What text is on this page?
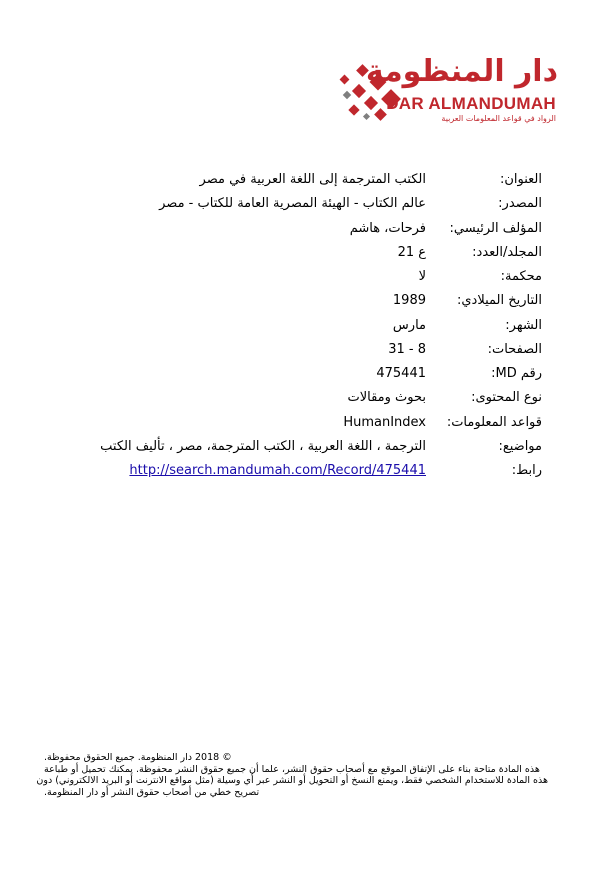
دار المنظومة
DAR ALMANDUMAH
الرواد في قواعد المعلومات العربية
العنوان:
الكتب المترجمة إلى اللغة العربية في مصر
المصدر:
عالم الكتاب - الهيئة المصرية العامة للكتاب - مصر
المؤلف الرئيسي:
فرحات، هاشم
المجلد/العدد:
ع 21
محكمة:
لا
التاريخ الميلادي:
1989
الشهر:
مارس
الصفحات:
8 - 31
رقم MD:
475441
نوع المحتوى:
بحوث ومقالات
قواعد المعلومات:
HumanIndex
مواضيع:
الترجمة ، اللغة العربية ، الكتب المترجمة، مصر ، تأليف الكتب
رابط:
http://search.mandumah.com/Record/475441
© 2018 دار المنظومة. جميع الحقوق محفوظة.
هذه المادة متاحة بناء على الإتفاق الموقع مع أصحاب حقوق النشر، علما أن جميع حقوق النشر محفوظة. يمكنك تحميل أو طباعة
هذه المادة للاستخدام الشخصي فقط، ويمنع النسخ أو التحويل أو النشر عبر أي وسيلة (مثل مواقع الانترنت أو البريد الالكتروني) دون
تصريح خطي من أصحاب حقوق النشر أو دار المنظومة.
